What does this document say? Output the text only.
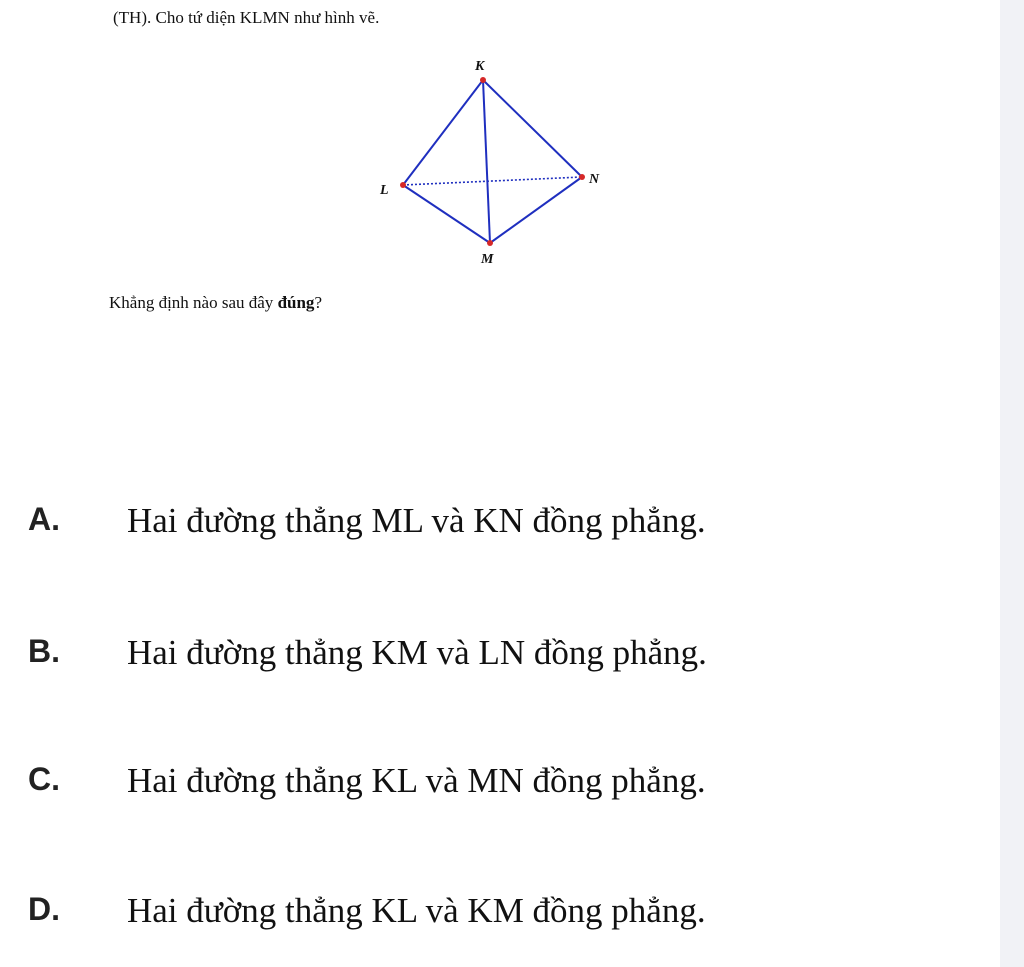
(TH). Cho tứ diện KLMN như hình vẽ.
K
L
M
N
Khẳng định nào sau đây đúng?
A. Hai đường thẳng ML và KN đồng phẳng.
B. Hai đường thẳng KM và LN đồng phẳng.
C. Hai đường thẳng KL và MN đồng phẳng.
D. Hai đường thẳng KL và KM đồng phẳng.
